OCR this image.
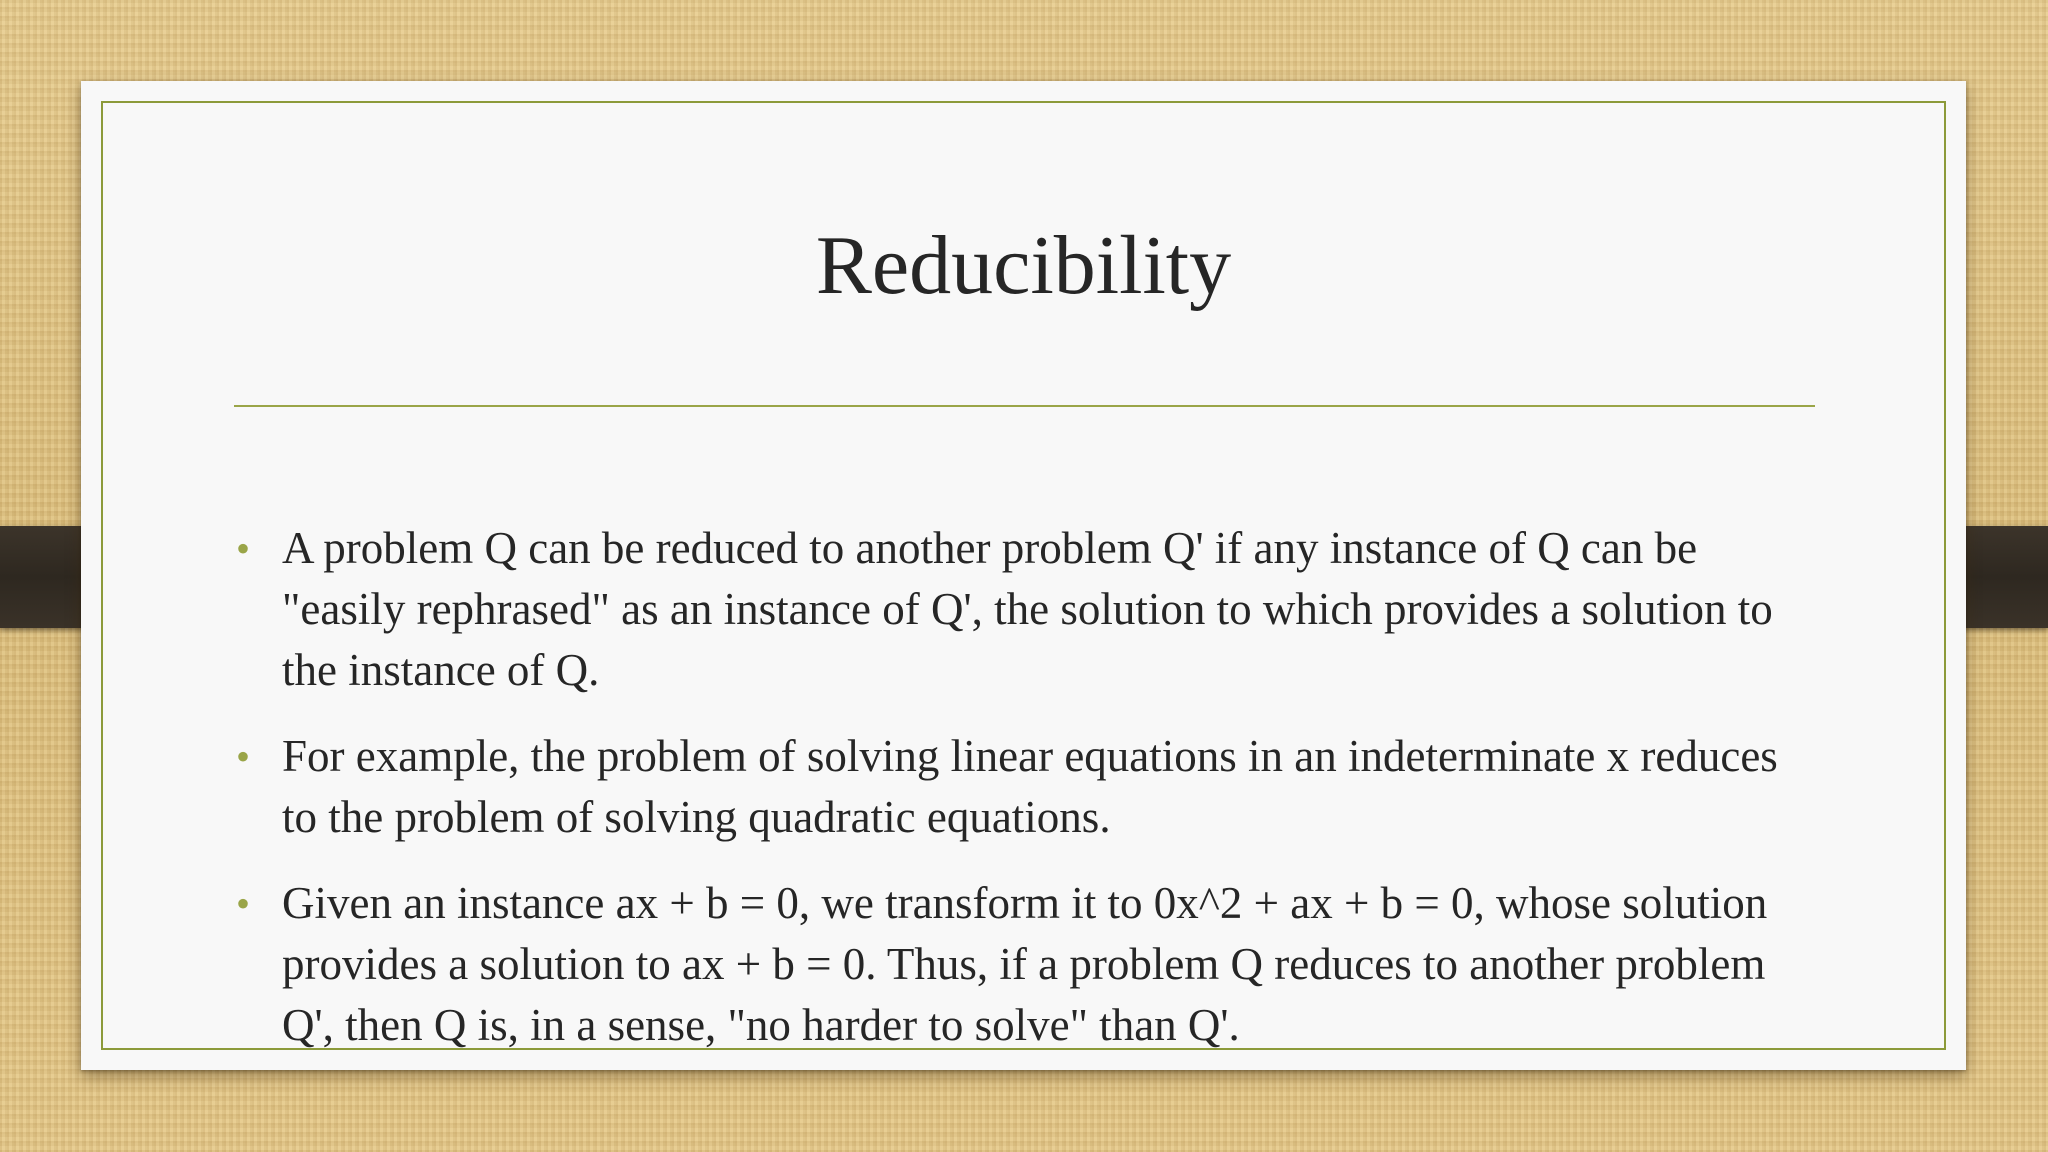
Reducibility
• A problem Q can be reduced to another problem Q' if any instance of Q can be "easily rephrased" as an instance of Q', the solution to which provides a solution to the instance of Q.
• For example, the problem of solving linear equations in an indeterminate x reduces to the problem of solving quadratic equations.
• Given an instance ax + b = 0, we transform it to 0x^2 + ax + b = 0, whose solution provides a solution to ax + b = 0. Thus, if a problem Q reduces to another problem Q', then Q is, in a sense, "no harder to solve" than Q'.
